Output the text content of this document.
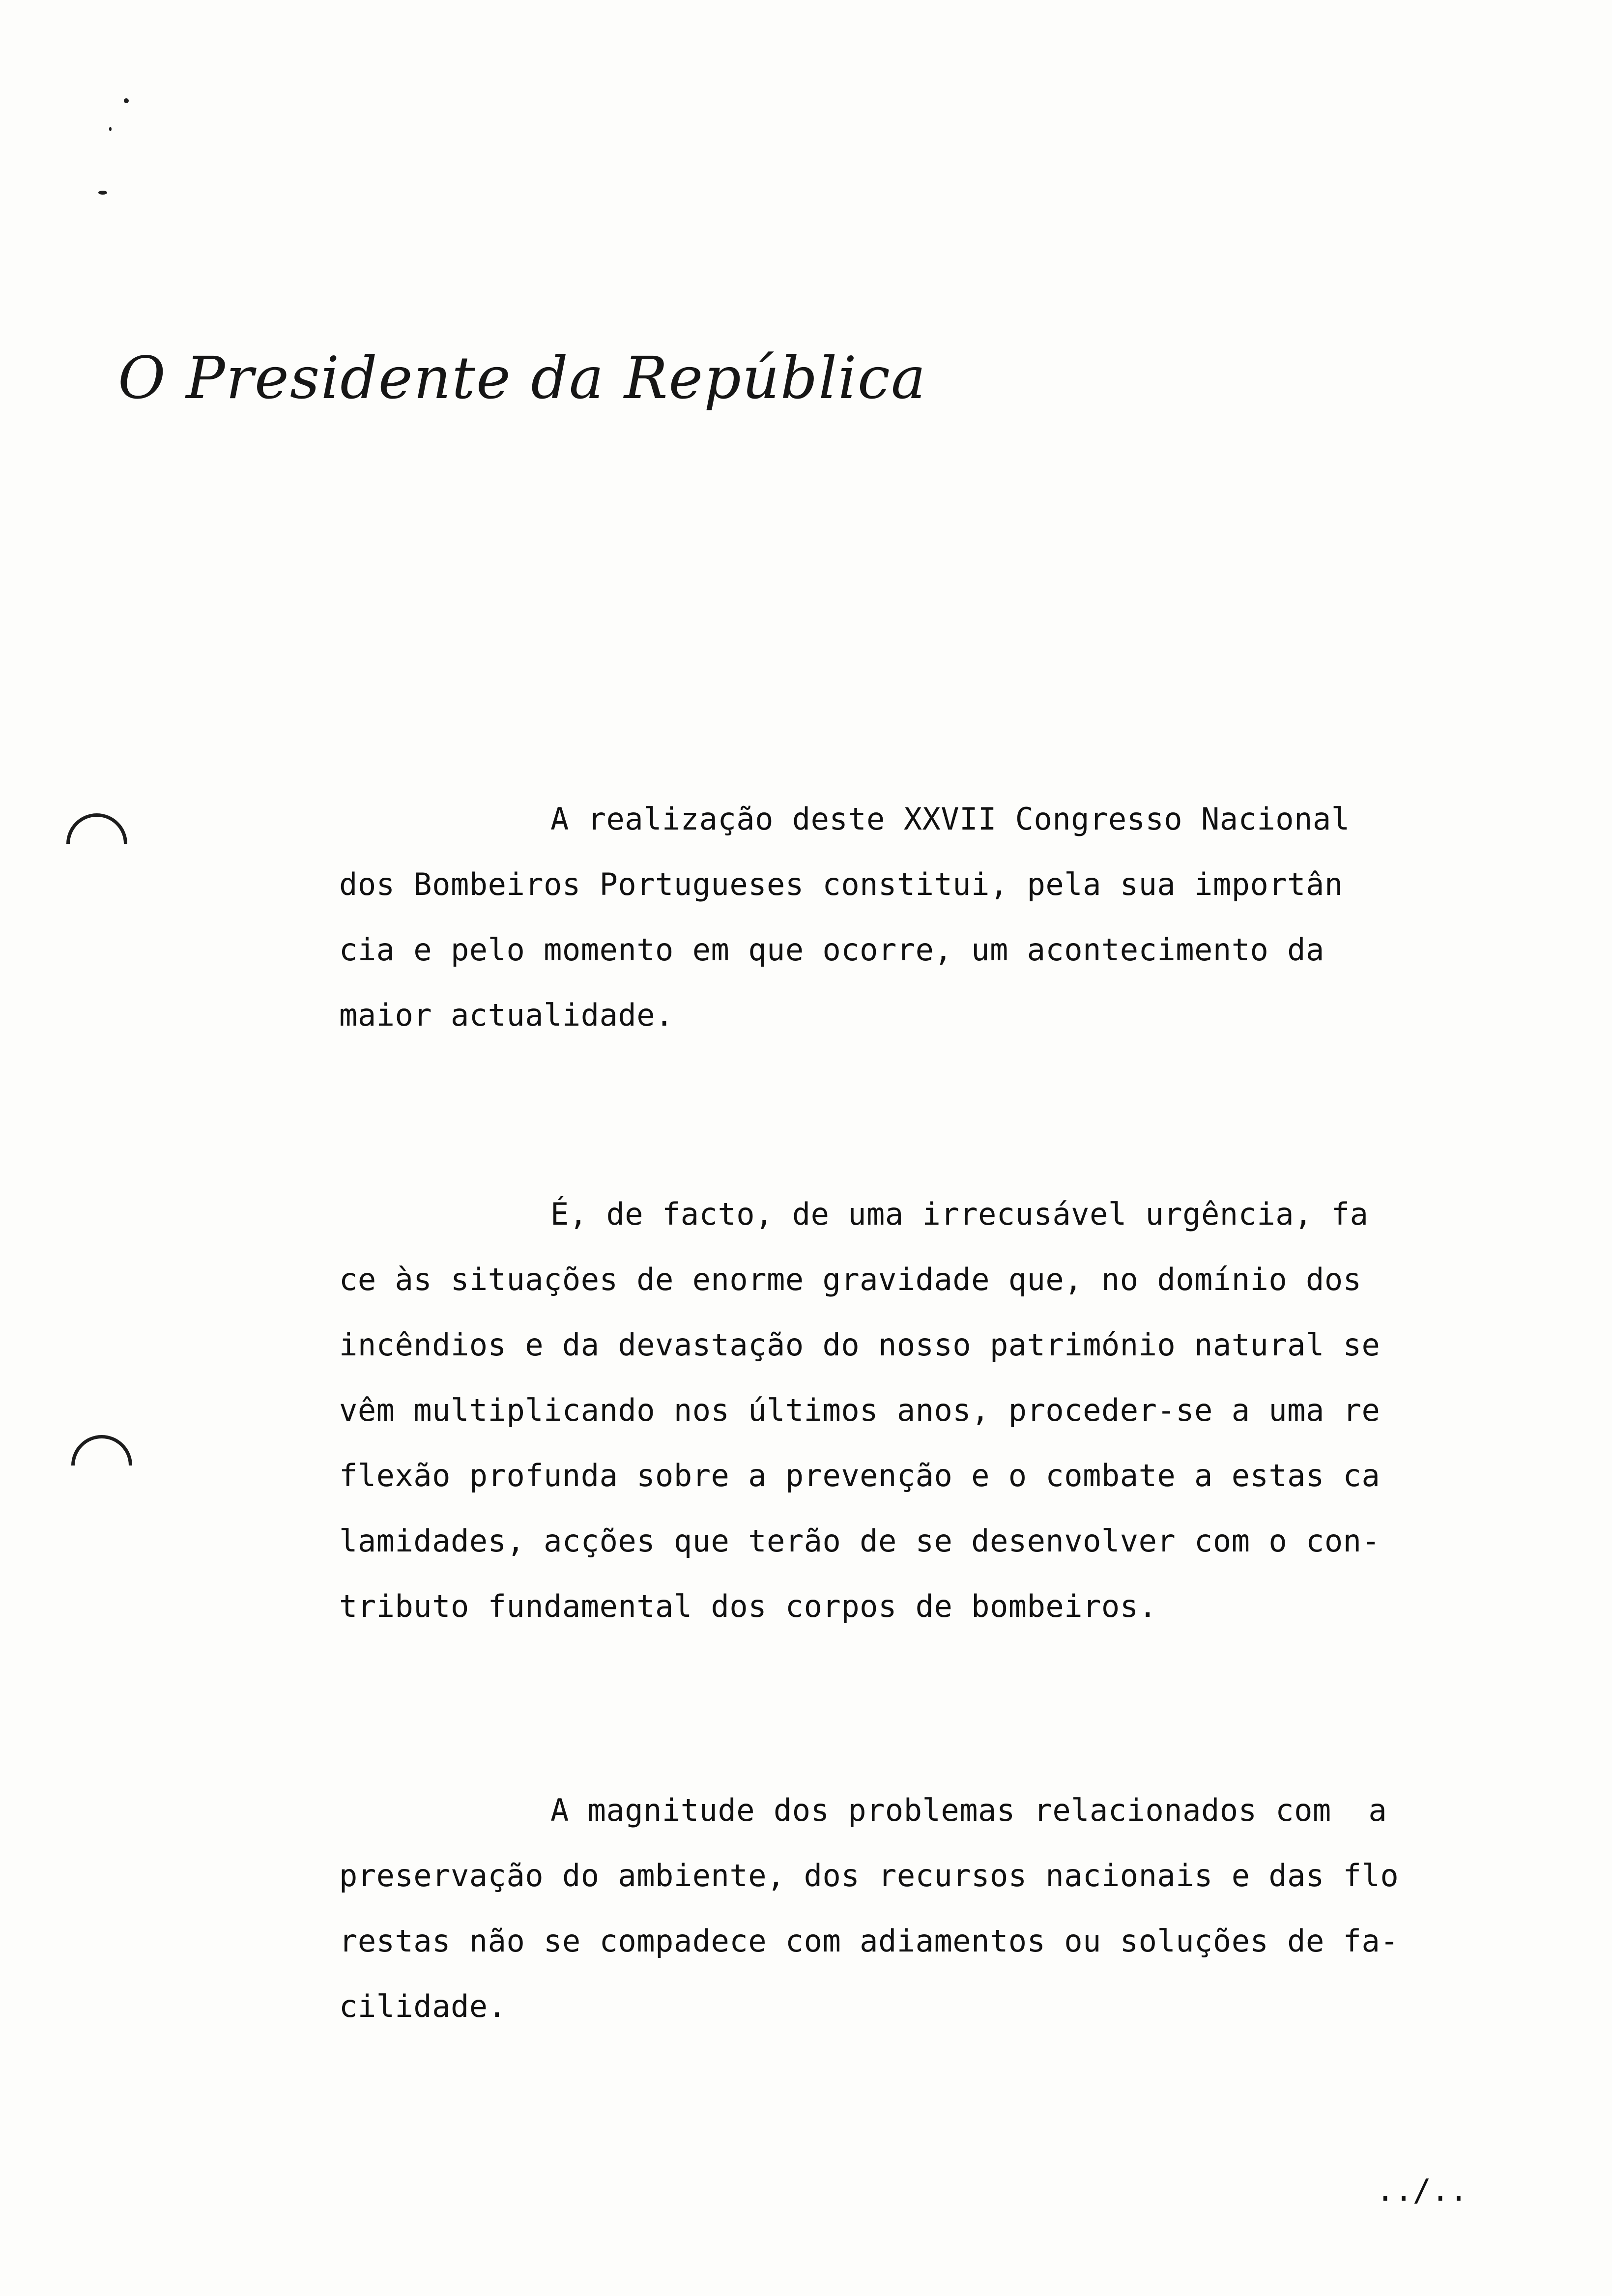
O Presidente da República
A realização deste XXVII Congresso Nacional
dos Bombeiros Portugueses constitui, pela sua importân
cia e pelo momento em que ocorre, um acontecimento da
maior actualidade.
É, de facto, de uma irrecusável urgência, fa
ce às situações de enorme gravidade que, no domínio dos
incêndios e da devastação do nosso património natural se
vêm multiplicando nos últimos anos, proceder-se a uma re
flexão profunda sobre a prevenção e o combate a estas ca
lamidades, acções que terão de se desenvolver com o con-
tributo fundamental dos corpos de bombeiros.
A magnitude dos problemas relacionados com  a
preservação do ambiente, dos recursos nacionais e das flo
restas não se compadece com adiamentos ou soluções de fa-
cilidade.
../..
